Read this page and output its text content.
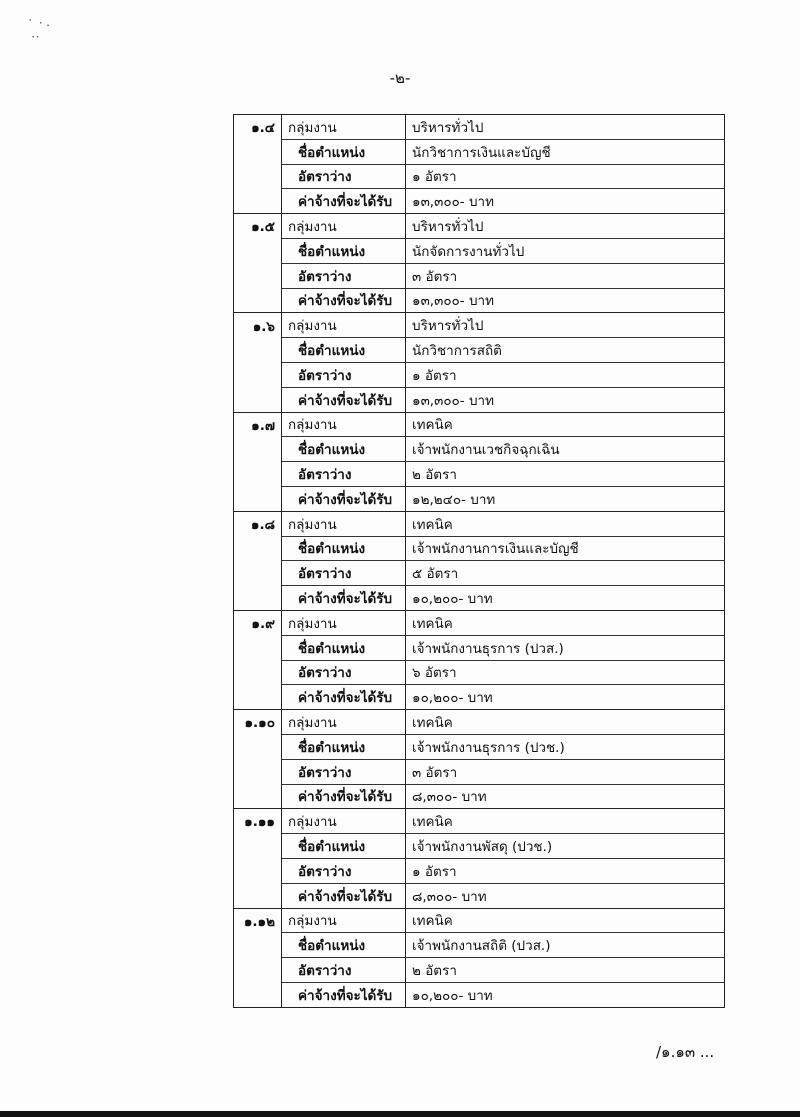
⠁ ⠂⠄
⠐⠂
-๒-
๑.๔	กลุ่มงาน	บริหารทั่วไป
	ชื่อตำแหน่ง	นักวิชาการเงินและบัญชี
	อัตราว่าง	๑ อัตรา
	ค่าจ้างที่จะได้รับ	๑๓,๓๐๐- บาท
๑.๕	กลุ่มงาน	บริหารทั่วไป
	ชื่อตำแหน่ง	นักจัดการงานทั่วไป
	อัตราว่าง	๓ อัตรา
	ค่าจ้างที่จะได้รับ	๑๓,๓๐๐- บาท
๑.๖	กลุ่มงาน	บริหารทั่วไป
	ชื่อตำแหน่ง	นักวิชาการสถิติ
	อัตราว่าง	๑ อัตรา
	ค่าจ้างที่จะได้รับ	๑๓,๓๐๐- บาท
๑.๗	กลุ่มงาน	เทคนิค
	ชื่อตำแหน่ง	เจ้าพนักงานเวชกิจฉุกเฉิน
	อัตราว่าง	๒ อัตรา
	ค่าจ้างที่จะได้รับ	๑๒,๒๔๐- บาท
๑.๘	กลุ่มงาน	เทคนิค
	ชื่อตำแหน่ง	เจ้าพนักงานการเงินและบัญชี
	อัตราว่าง	๕ อัตรา
	ค่าจ้างที่จะได้รับ	๑๐,๒๐๐- บาท
๑.๙	กลุ่มงาน	เทคนิค
	ชื่อตำแหน่ง	เจ้าพนักงานธุรการ (ปวส.)
	อัตราว่าง	๖ อัตรา
	ค่าจ้างที่จะได้รับ	๑๐,๒๐๐- บาท
๑.๑๐	กลุ่มงาน	เทคนิค
	ชื่อตำแหน่ง	เจ้าพนักงานธุรการ (ปวช.)
	อัตราว่าง	๓ อัตรา
	ค่าจ้างที่จะได้รับ	๘,๓๐๐- บาท
๑.๑๑	กลุ่มงาน	เทคนิค
	ชื่อตำแหน่ง	เจ้าพนักงานพัสดุ (ปวช.)
	อัตราว่าง	๑ อัตรา
	ค่าจ้างที่จะได้รับ	๘,๓๐๐- บาท
๑.๑๒	กลุ่มงาน	เทคนิค
	ชื่อตำแหน่ง	เจ้าพนักงานสถิติ (ปวส.)
	อัตราว่าง	๒ อัตรา
	ค่าจ้างที่จะได้รับ	๑๐,๒๐๐- บาท
/๑.๑๓ ...
